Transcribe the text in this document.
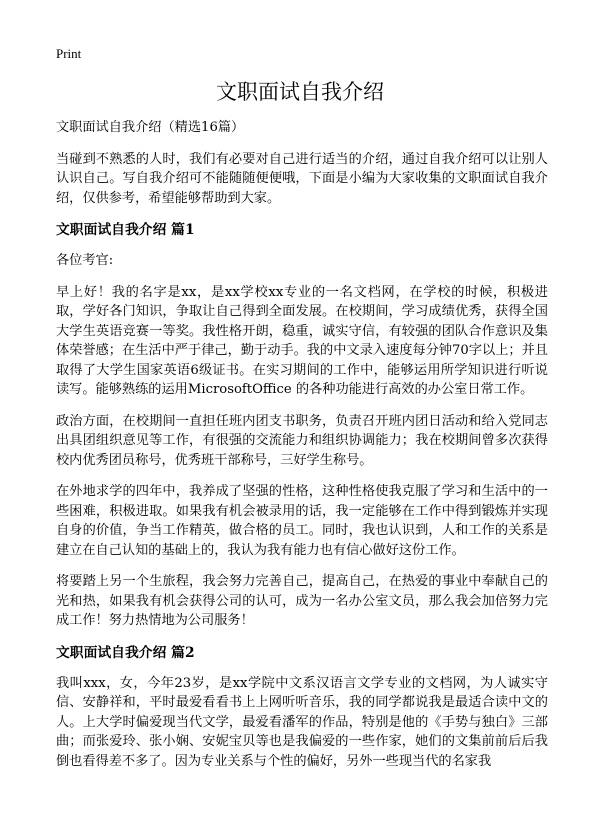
Print
文职面试自我介绍

文职面试自我介绍（精选16篇）

当碰到不熟悉的人时，我们有必要对自己进行适当的介绍，通过自我介绍可以让别人认识自己。写自我介绍可不能随随便便哦，下面是小编为大家收集的文职面试自我介绍，仅供参考，希望能够帮助到大家。

文职面试自我介绍 篇1

各位考官:

早上好！我的名字是xx，是xx学校xx专业的一名文档网，在学校的时候，积极进取，学好各门知识，争取让自己得到全面发展。在校期间，学习成绩优秀，获得全国大学生英语竞赛一等奖。我性格开朗，稳重，诚实守信，有较强的团队合作意识及集体荣誉感；在生活中严于律己，勤于动手。我的中文录入速度每分钟70字以上；并且取得了大学生国家英语6级证书。在实习期间的工作中，能够运用所学知识进行听说读写。能够熟练的运用MicrosoftOffice 的各种功能进行高效的办公室日常工作。

政治方面，在校期间一直担任班内团支书职务，负责召开班内团日活动和给入党同志出具团组织意见等工作，有很强的交流能力和组织协调能力；我在校期间曾多次获得校内优秀团员称号，优秀班干部称号，三好学生称号。

在外地求学的四年中，我养成了坚强的性格，这种性格使我克服了学习和生活中的一些困难，积极进取。如果我有机会被录用的话，我一定能够在工作中得到锻炼并实现自身的价值，争当工作精英，做合格的员工。同时，我也认识到，人和工作的关系是建立在自己认知的基础上的，我认为我有能力也有信心做好这份工作。

将要踏上另一个生旅程，我会努力完善自己，提高自己，在热爱的事业中奉献自己的光和热，如果我有机会获得公司的认可，成为一名办公室文员，那么我会加倍努力完成工作！努力热情地为公司服务！

文职面试自我介绍 篇2

我叫xxx，女，今年23岁，是xx学院中文系汉语言文学专业的文档网，为人诚实守信、安静祥和，平时最爱看看书上上网听听音乐，我的同学都说我是最适合读中文的人。上大学时偏爱现当代文学，最爱看潘军的作品，特别是他的《手势与独白》三部曲；而张爱玲、张小娴、安妮宝贝等也是我偏爱的一些作家，她们的文集前前后后我倒也看得差不多了。因为专业关系与个性的偏好，另外一些现当代的名家我
